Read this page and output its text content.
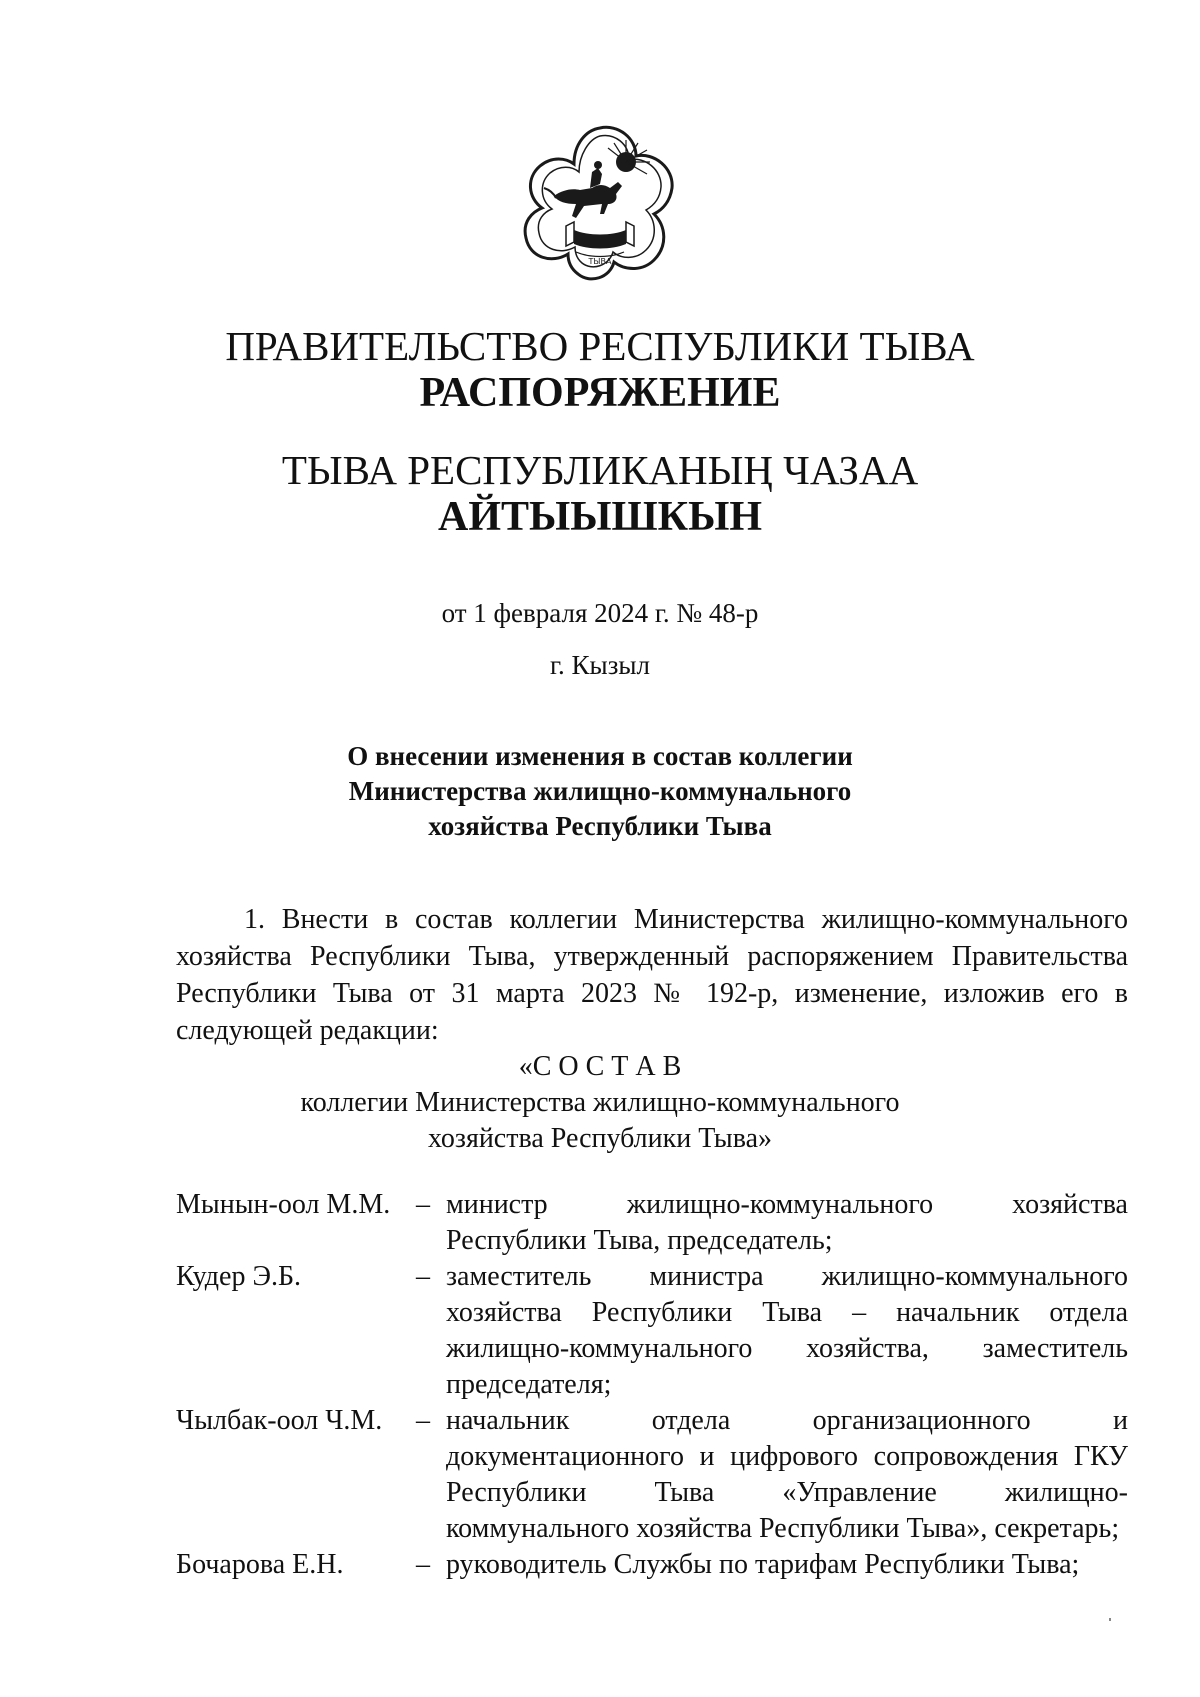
ТЫВА
ПРАВИТЕЛЬСТВО РЕСПУБЛИКИ ТЫВА
РАСПОРЯЖЕНИЕ
ТЫВА РЕСПУБЛИКАНЫҢ ЧАЗАА
АЙТЫЫШКЫН
от 1 февраля 2024 г. № 48-р
г. Кызыл
О внесении изменения в состав коллегии
Министерства жилищно-коммунального
хозяйства Республики Тыва

1. Внести в состав коллегии Министерства жилищно-коммунального хозяйства Республики Тыва, утвержденный распоряжением Правительства Республики Тыва от 31 марта 2023 № 192-р, изменение, изложив его в следующей редакции:

«С О С Т А В
коллегии Министерства жилищно-коммунального
хозяйства Республики Тыва»
Мынын-оол М.М. – министр жилищно-коммунального хозяйства Республики Тыва, председатель;
Кудер Э.Б.	– заместитель министра жилищно-коммунального хозяйства Республики Тыва – начальник отдела жилищно-коммунального хозяйства, заместитель председателя;
Чылбак-оол Ч.М.	– начальник отдела организационного и документационного и цифрового сопровождения ГКУ Республики Тыва «Управление жилищно-коммунального хозяйства Республики Тыва», секретарь;
Бочарова Е.Н.	– руководитель Службы по тарифам Республики Тыва;
